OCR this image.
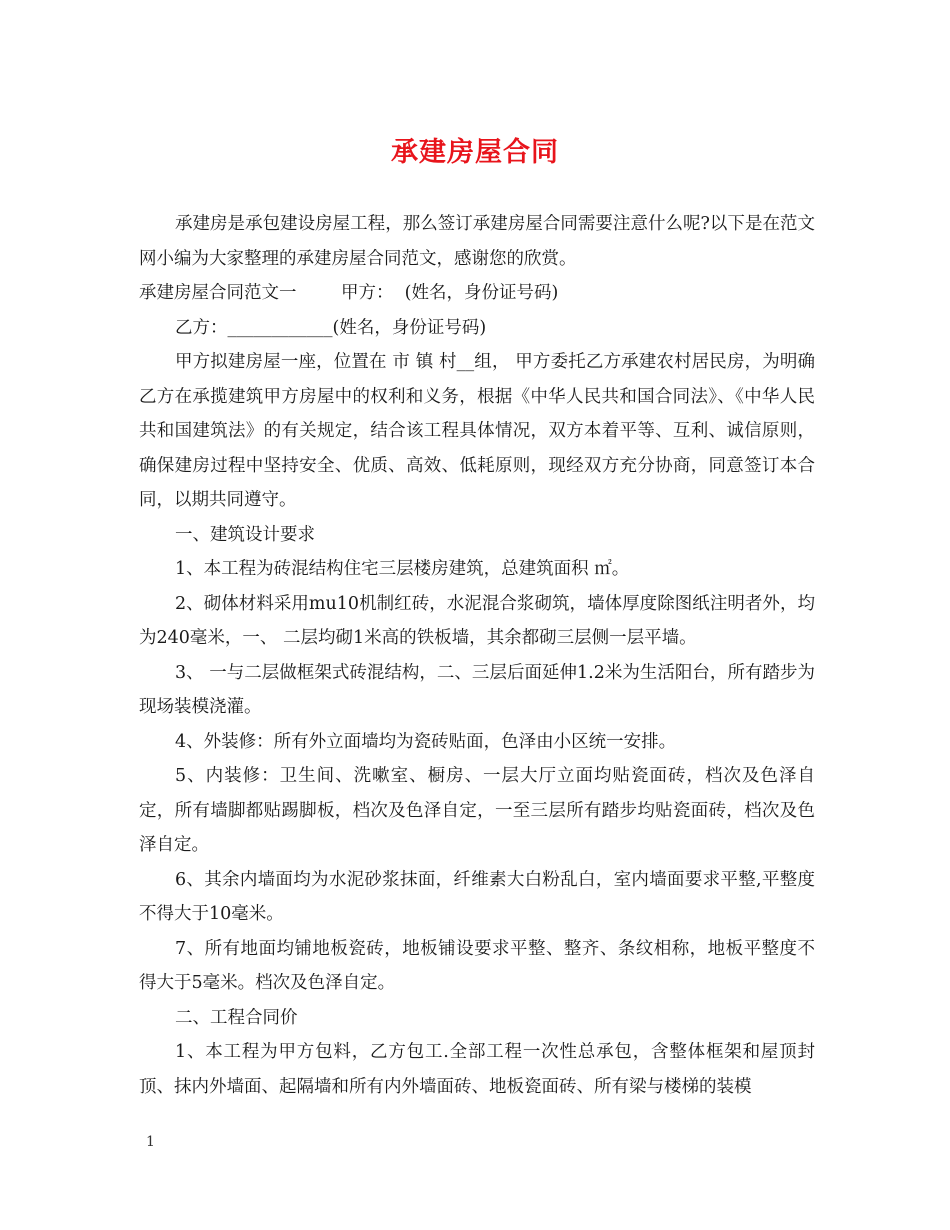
承建房屋合同

承建房是承包建设房屋工程，那么签订承建房屋合同需要注意什么呢?以下是在范文网小编为大家整理的承建房屋合同范文，感谢您的欣赏。

承建房屋合同范文一        甲方：  (姓名，身份证号码)

乙方：____________(姓名，身份证号码)

甲方拟建房屋一座，位置在 市 镇 村__组， 甲方委托乙方承建农村居民房，为明确乙方在承揽建筑甲方房屋中的权利和义务，根据《中华人民共和国合同法》、《中华人民共和国建筑法》的有关规定，结合该工程具体情况，双方本着平等、互利、诚信原则，确保建房过程中坚持安全、优质、高效、低耗原则，现经双方充分协商，同意签订本合同，以期共同遵守。

一、建筑设计要求

1、本工程为砖混结构住宅三层楼房建筑，总建筑面积 ㎡。

2、砌体材料采用mu10机制红砖，水泥混合浆砌筑，墙体厚度除图纸注明者外，均为240毫米，一、 二层均砌1米高的铁板墙，其余都砌三层侧一层平墙。

3、 一与二层做框架式砖混结构，二、三层后面延伸1.2米为生活阳台，所有踏步为现场装模浇灌。

4、外装修：所有外立面墙均为瓷砖贴面，色泽由小区统一安排。

5、内装修：卫生间、洗嗽室、橱房、一层大厅立面均贴瓷面砖，档次及色泽自定，所有墙脚都贴踢脚板，档次及色泽自定，一至三层所有踏步均贴瓷面砖，档次及色泽自定。

6、其余内墙面均为水泥砂浆抹面，纤维素大白粉乱白，室内墙面要求平整,平整度不得大于10毫米。

7、所有地面均铺地板瓷砖，地板铺设要求平整、整齐、条纹相称，地板平整度不得大于5毫米。档次及色泽自定。

二、工程合同价

1、本工程为甲方包料，乙方包工.全部工程一次性总承包，含整体框架和屋顶封顶、抹内外墙面、起隔墙和所有内外墙面砖、地板瓷面砖、所有梁与楼梯的装模

1
